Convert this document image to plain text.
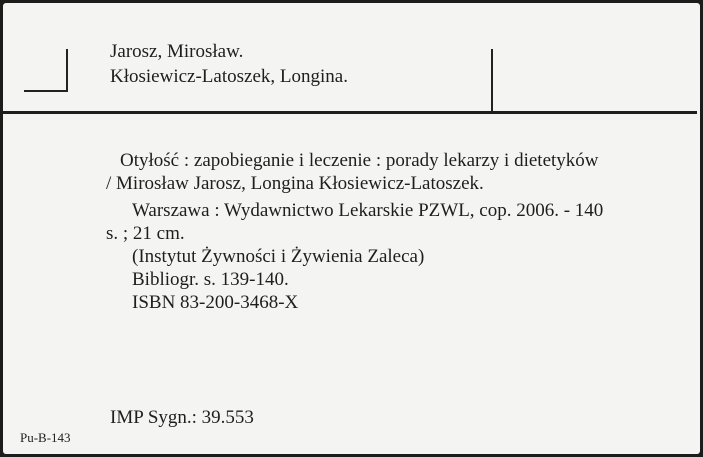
Jarosz, Mirosław.
Kłosiewicz-Latoszek, Longina.

Otyłość : zapobieganie i leczenie : porady lekarzy i dietetyków / Mirosław Jarosz, Longina Kłosiewicz-Latoszek.

Warszawa : Wydawnictwo Lekarskie PZWL, cop. 2006. - 140 s. ; 21 cm.

(Instytut Żywności i Żywienia Zaleca)

Bibliogr. s. 139-140.

ISBN 83-200-3468-X

IMP Sygn.: 39.553
Pu-B-143
